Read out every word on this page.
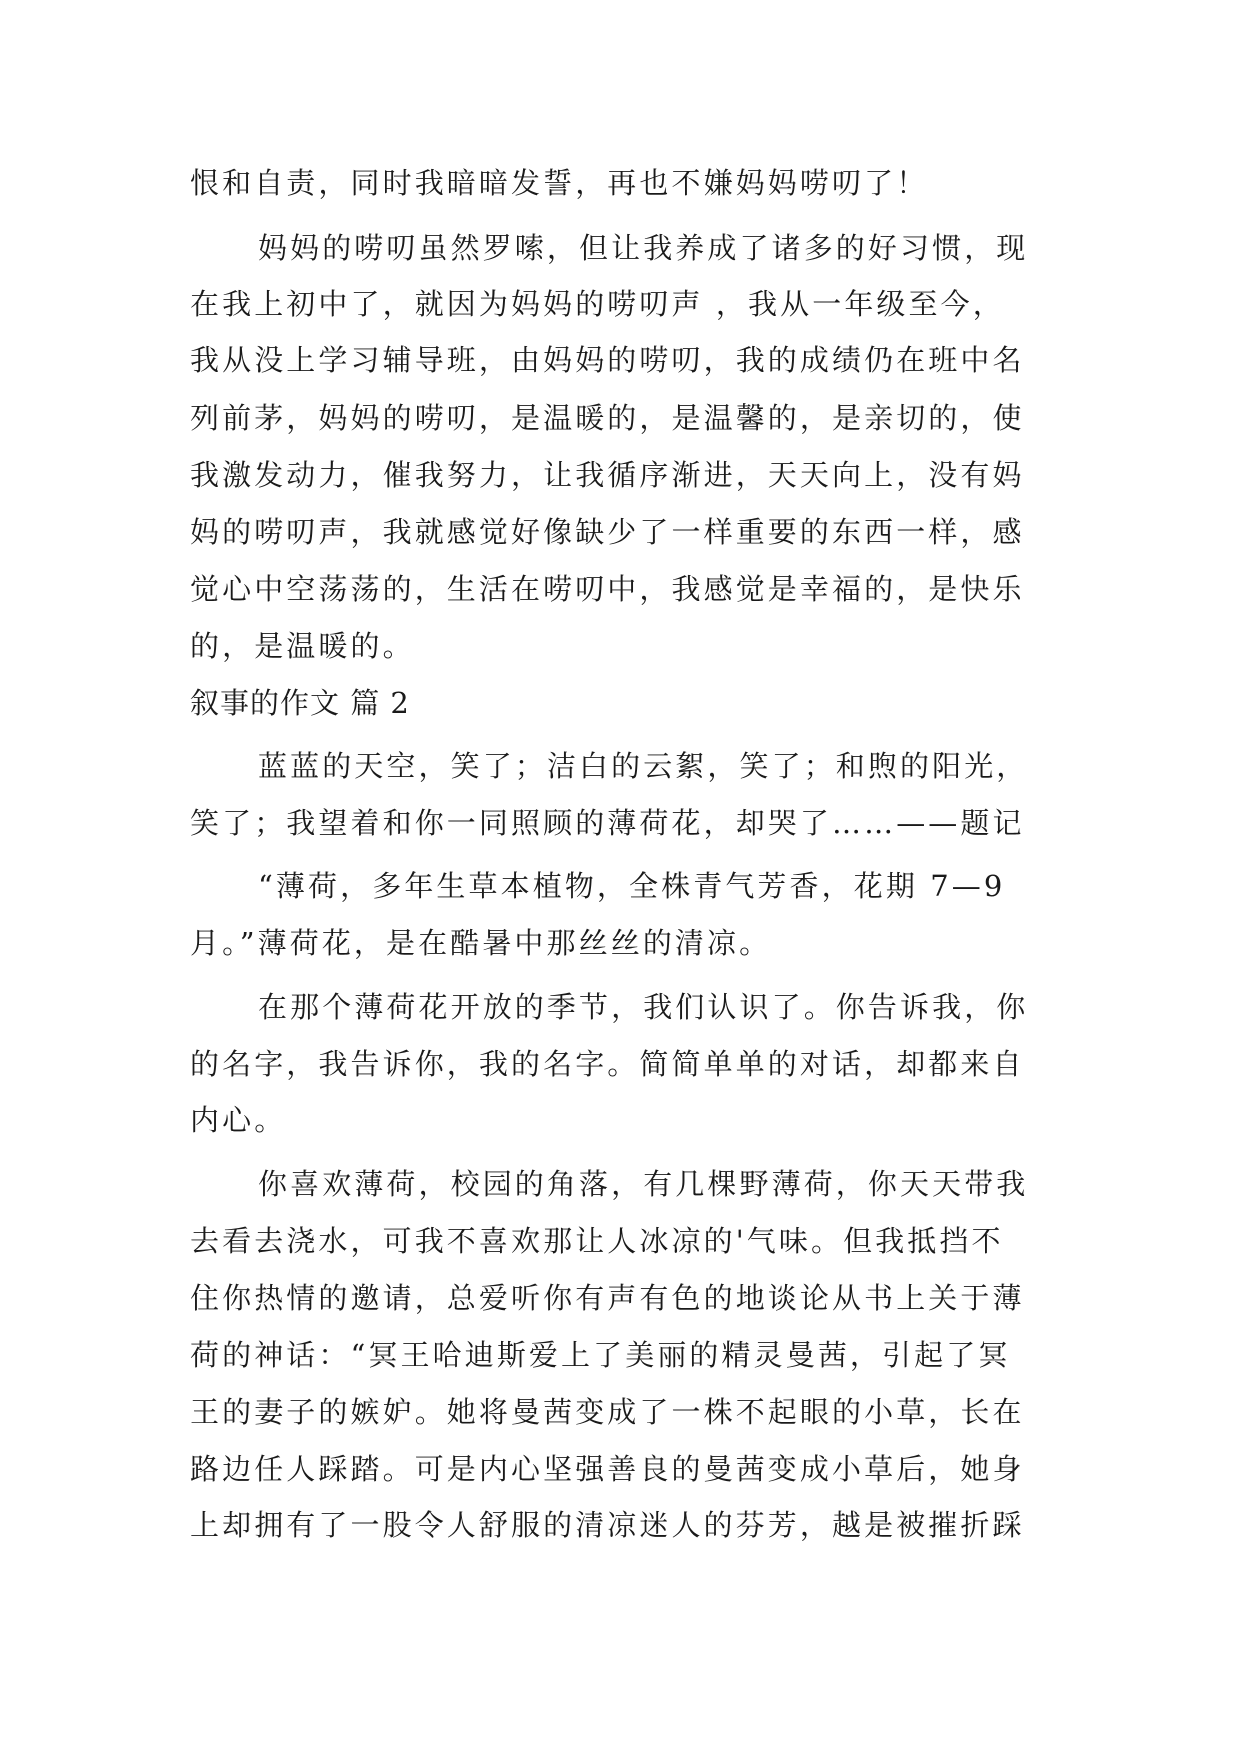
恨和自责，同时我暗暗发誓，再也不嫌妈妈唠叨了！

妈妈的唠叨虽然罗嗦，但让我养成了诸多的好习惯，现

在我上初中了，就因为妈妈的唠叨声 ，我从一年级至今，

我从没上学习辅导班，由妈妈的唠叨，我的成绩仍在班中名

列前茅，妈妈的唠叨，是温暖的，是温馨的，是亲切的，使

我激发动力，催我努力，让我循序渐进，天天向上，没有妈

妈的唠叨声，我就感觉好像缺少了一样重要的东西一样，感

觉心中空荡荡的，生活在唠叨中，我感觉是幸福的，是快乐

的，是温暖的。

叙事的作文 篇 2

蓝蓝的天空，笑了；洁白的云絮，笑了；和煦的阳光，

笑了；我望着和你一同照顾的薄荷花，却哭了……——题记

“薄荷，多年生草本植物，全株青气芳香，花期 7—9

月。”薄荷花，是在酷暑中那丝丝的清凉。

在那个薄荷花开放的季节，我们认识了。你告诉我，你

的名字，我告诉你，我的名字。简简单单的对话，却都来自

内心。

你喜欢薄荷，校园的角落，有几棵野薄荷，你天天带我

去看去浇水，可我不喜欢那让人冰凉的'气味。但我抵挡不

住你热情的邀请，总爱听你有声有色的地谈论从书上关于薄

荷的神话：“冥王哈迪斯爱上了美丽的精灵曼茜，引起了冥

王的妻子的嫉妒。她将曼茜变成了一株不起眼的小草，长在

路边任人踩踏。可是内心坚强善良的曼茜变成小草后，她身

上却拥有了一股令人舒服的清凉迷人的芬芳，越是被摧折踩
